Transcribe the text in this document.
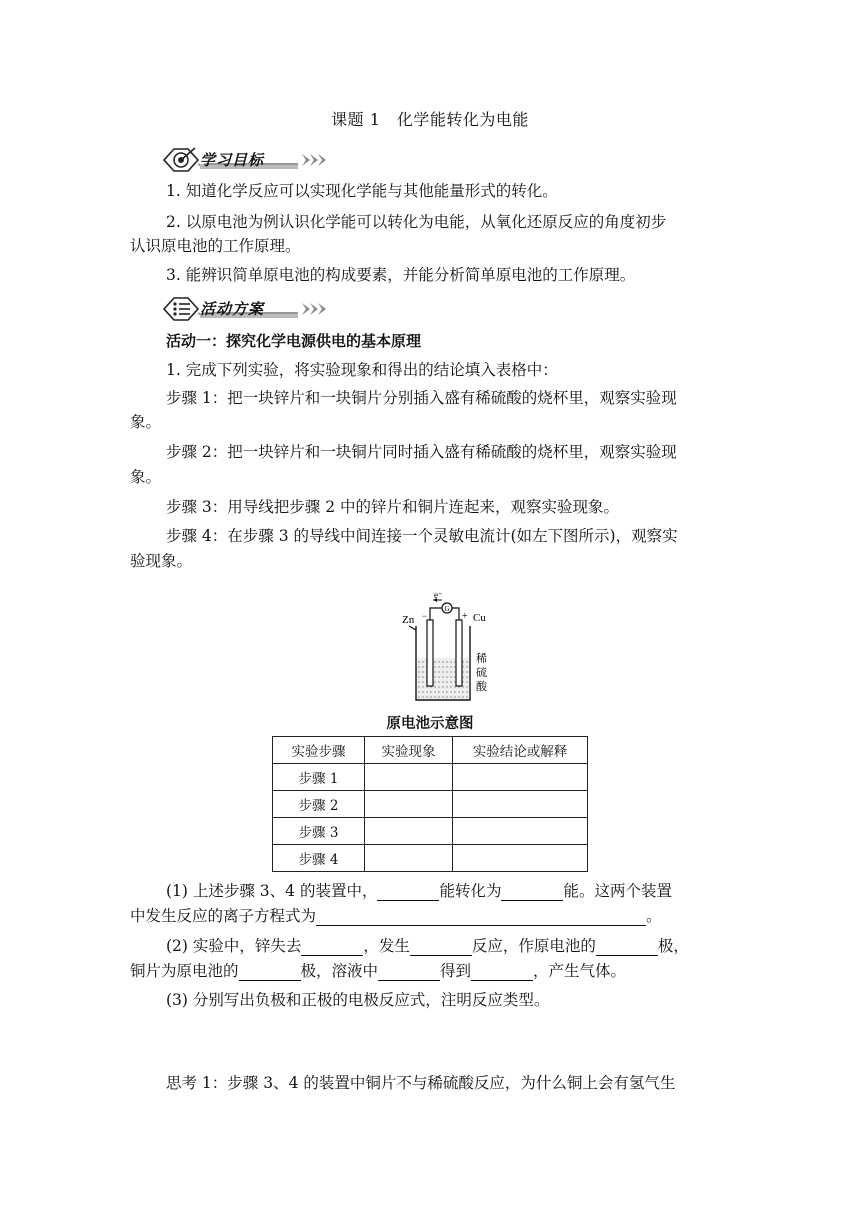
课题 1　化学能转化为电能
学习目标
1. 知道化学反应可以实现化学能与其他能量形式的转化。
2. 以原电池为例认识化学能可以转化为电能，从氧化还原反应的角度初步
认识原电池的工作原理。
3. 能辨识简单原电池的构成要素，并能分析简单原电池的工作原理。
活动方案
活动一：探究化学电源供电的基本原理
1. 完成下列实验，将实验现象和得出的结论填入表格中：
步骤 1：把一块锌片和一块铜片分别插入盛有稀硫酸的烧杯里，观察实验现
象。
步骤 2：把一块锌片和一块铜片同时插入盛有稀硫酸的烧杯里，观察实验现
象。
步骤 3：用导线把步骤 2 中的锌片和铜片连起来，观察实验现象。
步骤 4：在步骤 3 的导线中间连接一个灵敏电流计(如左下图所示)，观察实
验现象。
G
e⁻
−	+
Zn	Cu
稀
硫
酸
原电池示意图
实验步骤	实验现象	实验结论或解释
步骤 1		
步骤 2		
步骤 3		
步骤 4		
(1) 上述步骤 3、4 的装置中，	能转化为	能。这两个装置
中发生反应的离子方程式为	。
(2) 实验中，锌失去	，发生	反应，作原电池的	极，
铜片为原电池的	极，溶液中	得到	，产生气体。
(3) 分别写出负极和正极的电极反应式，注明反应类型。
思考 1：步骤 3、4 的装置中铜片不与稀硫酸反应，为什么铜上会有氢气生
